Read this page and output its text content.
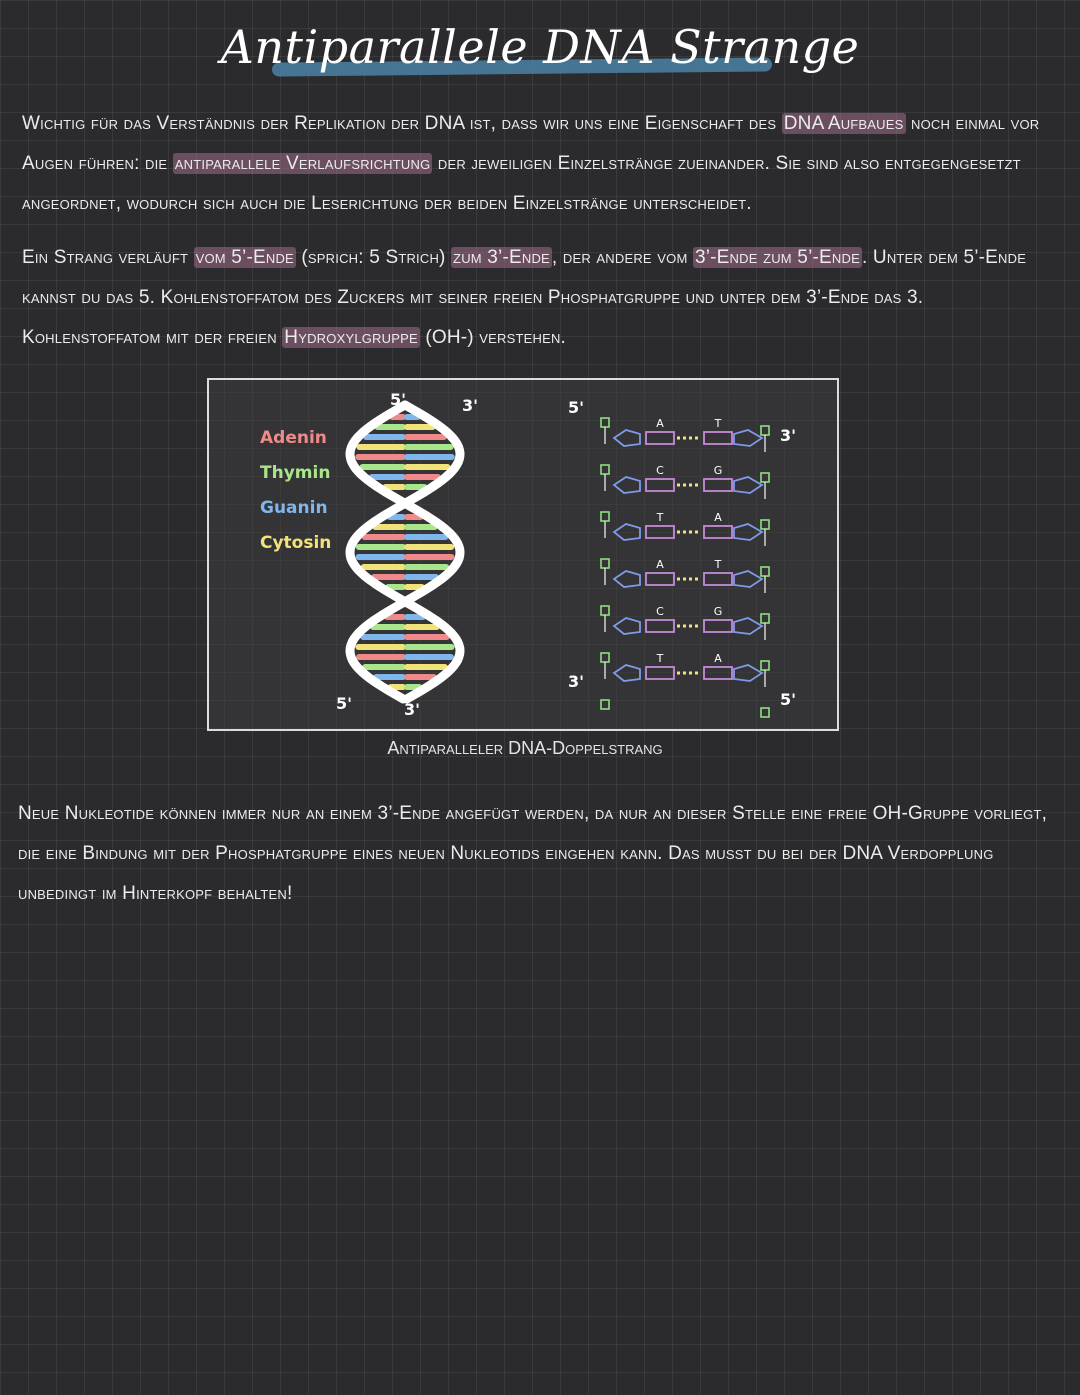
Antiparallele DNA Strange
Wichtig für das Verständnis der Replikation der DNA ist, dass wir uns eine Eigenschaft des DNA Aufbaues noch einmal vor Augen führen: die antiparallele Verlaufsrichtung der jeweiligen Einzelstränge zueinander. Sie sind also entgegengesetzt angeordnet, wodurch sich auch die Leserichtung der beiden Einzelstränge unterscheidet.
Ein Strang verläuft vom 5’-Ende (sprich: 5 Strich) zum 3’-Ende , der andere vom 3’-Ende zum 5’-Ende . Unter dem 5’-Ende kannst du das 5. Kohlenstoffatom des Zuckers mit seiner freien Phosphatgruppe und unter dem 3’-Ende das 3. Kohlenstoffatom mit der freien Hydroxylgruppe (OH-) verstehen.
A	T
C	G
T	A
A	T
C	G
T	A
Adenin
Thymin
Guanin
Cytosin
5'	3'
5'	3'
5'
3'
3'
5'
Antiparalleler DNA-Doppelstrang
Neue Nukleotide können immer nur an einem 3’-Ende angefügt werden, da nur an dieser Stelle eine freie OH-Gruppe vorliegt, die eine Bindung mit der Phosphatgruppe eines neuen Nukleotids eingehen kann. Das musst du bei der DNA Verdopplung unbedingt im Hinterkopf behalten!
